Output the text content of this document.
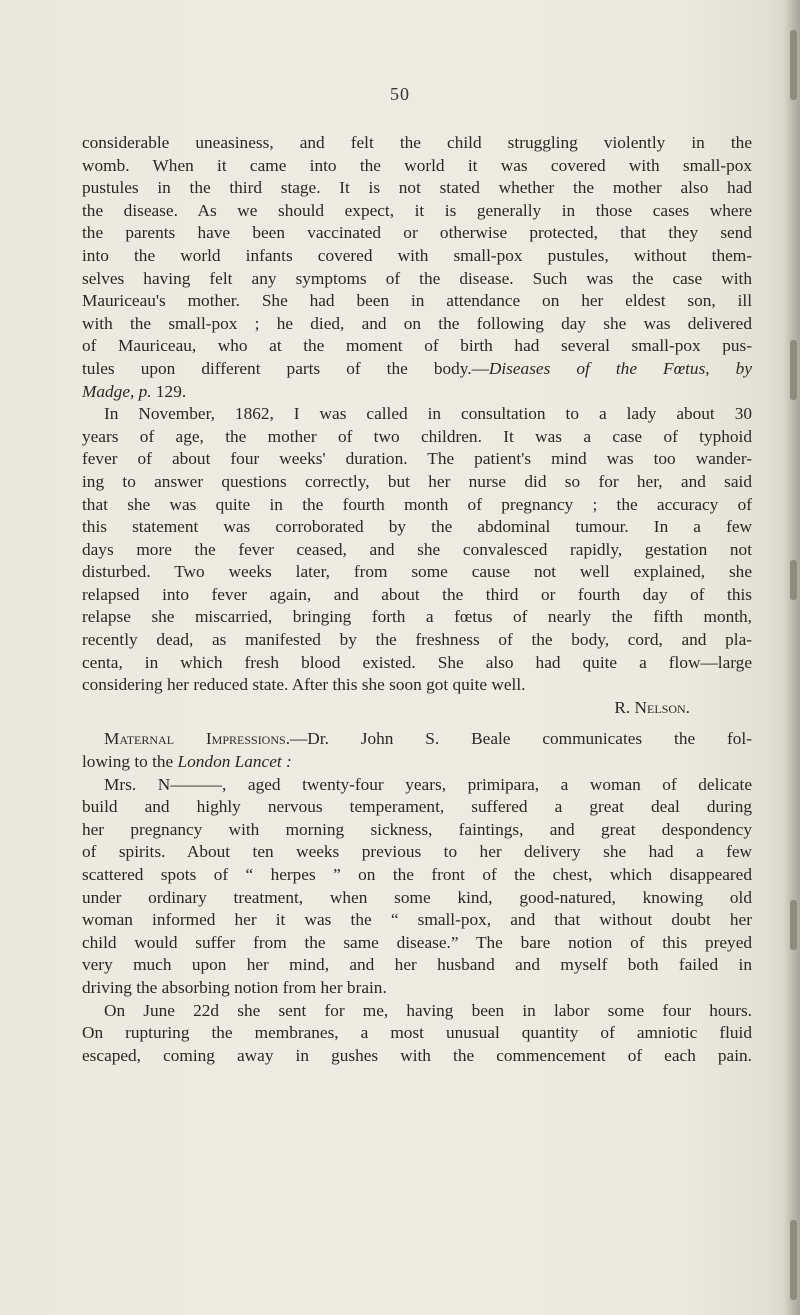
50
considerable uneasiness, and felt the child struggling violently in the
womb. When it came into the world it was covered with small-pox
pustules in the third stage. It is not stated whether the mother also had
the disease. As we should expect, it is generally in those cases where
the parents have been vaccinated or otherwise protected, that they send
into the world infants covered with small-pox pustules, without them-
selves having felt any symptoms of the disease. Such was the case with
Mauriceau's mother. She had been in attendance on her eldest son, ill
with the small-pox ; he died, and on the following day she was delivered
of Mauriceau, who at the moment of birth had several small-pox pus-
tules upon different parts of the body.—Diseases of the Fœtus, by
Madge, p. 129.
In November, 1862, I was called in consultation to a lady about 30
years of age, the mother of two children. It was a case of typhoid
fever of about four weeks' duration. The patient's mind was too wander-
ing to answer questions correctly, but her nurse did so for her, and said
that she was quite in the fourth month of pregnancy ; the accuracy of
this statement was corroborated by the abdominal tumour. In a few
days more the fever ceased, and she convalesced rapidly, gestation not
disturbed. Two weeks later, from some cause not well explained, she
relapsed into fever again, and about the third or fourth day of this
relapse she miscarried, bringing forth a fœtus of nearly the fifth month,
recently dead, as manifested by the freshness of the body, cord, and pla-
centa, in which fresh blood existed. She also had quite a flow—large
considering her reduced state. After this she soon got quite well.
R. Nelson.
Maternal Impressions.—Dr. John S. Beale communicates the fol-
lowing to the London Lancet :
Mrs. N———, aged twenty-four years, primipara, a woman of delicate
build and highly nervous temperament, suffered a great deal during
her pregnancy with morning sickness, faintings, and great despondency
of spirits. About ten weeks previous to her delivery she had a few
scattered spots of “ herpes ” on the front of the chest, which disappeared
under ordinary treatment, when some kind, good-natured, knowing old
woman informed her it was the “ small-pox, and that without doubt her
child would suffer from the same disease.” The bare notion of this preyed
very much upon her mind, and her husband and myself both failed in
driving the absorbing notion from her brain.
On June 22d she sent for me, having been in labor some four hours.
On rupturing the membranes, a most unusual quantity of amniotic fluid
escaped, coming away in gushes with the commencement of each pain.
